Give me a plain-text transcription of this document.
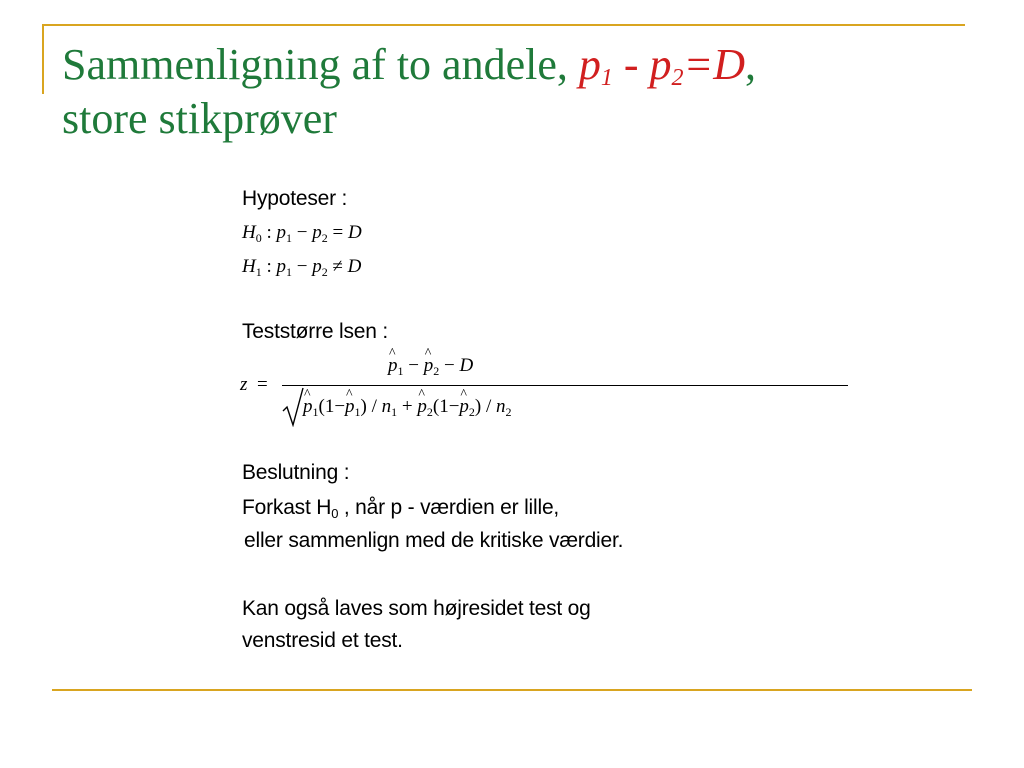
Sammenligning af to andele, $p_1 - p_2=D$,
store stikprøver
Hypoteser :
$H_0$ : $p_1 - p_2 = D$
$H_1$ : $p_1 - p_2 \ne D$
Teststørre lsen :
z =
^ $p_1$ − ^ $p_2 - D$
^ $p_1(1-\^{}$ $p_1) / n_1$ + ^ $p_2(1-\^{}$ $p_2) / n_2$
Beslutning :
Forkast $H_0$ , når p - værdien er lille,
eller sammenlign med de kritiske værdier.
Kan også laves som højresidet test og
venstresid et test.
